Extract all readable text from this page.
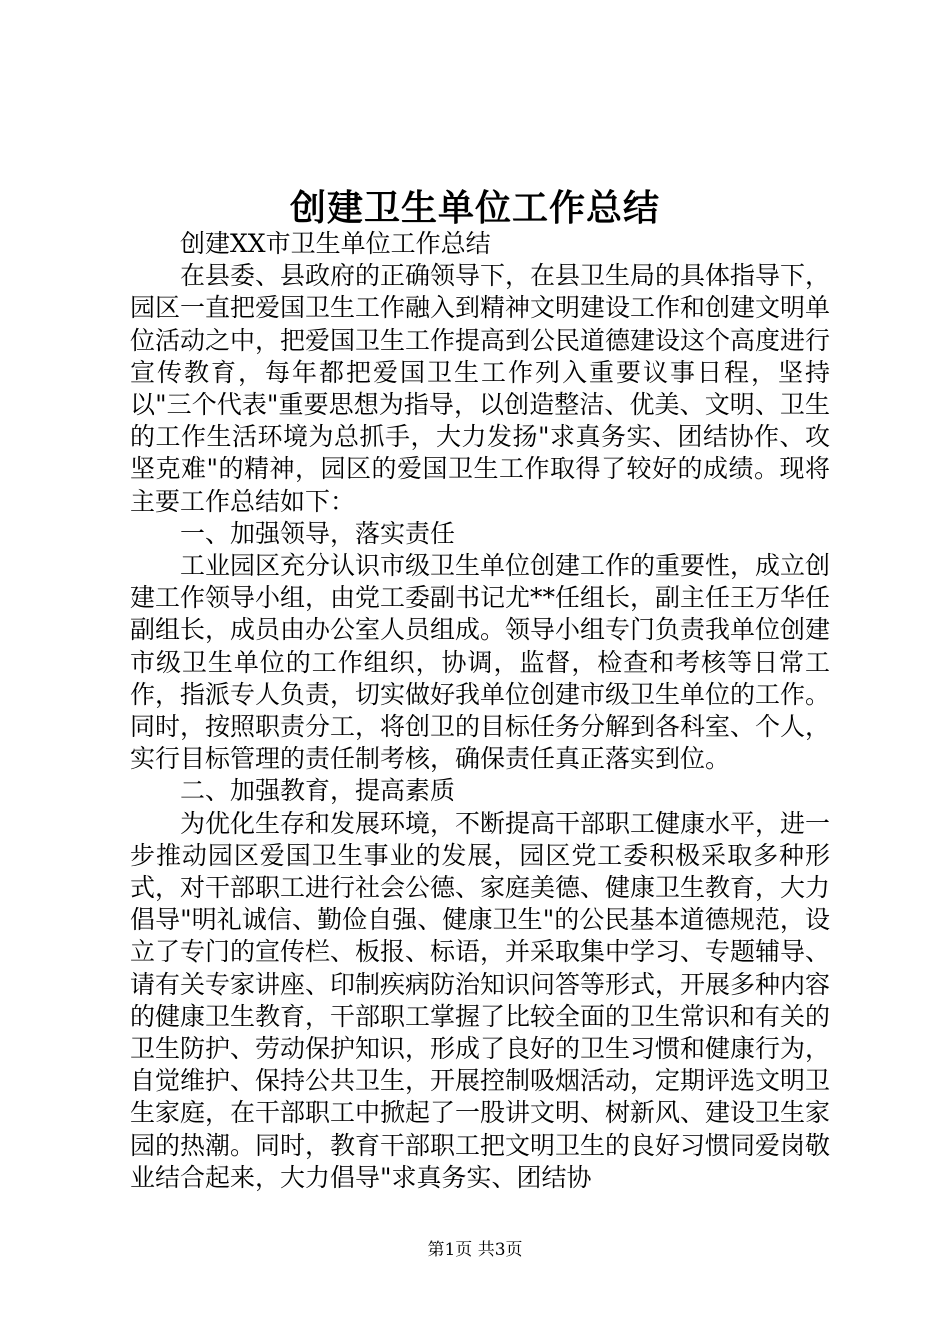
创建卫生单位工作总结

创建XX市卫生单位工作总结

在县委、县政府的正确领导下，在县卫生局的具体指导下，园区一直把爱国卫生工作融入到精神文明建设工作和创建文明单位活动之中，把爱国卫生工作提高到公民道德建设这个高度进行宣传教育，每年都把爱国卫生工作列入重要议事日程，坚持以"三个代表"重要思想为指导，以创造整洁、优美、文明、卫生的工作生活环境为总抓手，大力发扬"求真务实、团结协作、攻坚克难"的精神，园区的爱国卫生工作取得了较好的成绩。现将主要工作总结如下：

一、加强领导，落实责任

工业园区充分认识市级卫生单位创建工作的重要性，成立创建工作领导小组，由党工委副书记尤**任组长，副主任王万华任副组长，成员由办公室人员组成。领导小组专门负责我单位创建市级卫生单位的工作组织，协调，监督，检查和考核等日常工作，指派专人负责，切实做好我单位创建市级卫生单位的工作。同时，按照职责分工，将创卫的目标任务分解到各科室、个人，实行目标管理的责任制考核，确保责任真正落实到位。

二、加强教育，提高素质

为优化生存和发展环境，不断提高干部职工健康水平，进一步推动园区爱国卫生事业的发展，园区党工委积极采取多种形式，对干部职工进行社会公德、家庭美德、健康卫生教育，大力倡导"明礼诚信、勤俭自强、健康卫生"的公民基本道德规范，设立了专门的宣传栏、板报、标语，并采取集中学习、专题辅导、请有关专家讲座、印制疾病防治知识问答等形式，开展多种内容的健康卫生教育，干部职工掌握了比较全面的卫生常识和有关的卫生防护、劳动保护知识，形成了良好的卫生习惯和健康行为，自觉维护、保持公共卫生，开展控制吸烟活动，定期评选文明卫生家庭，在干部职工中掀起了一股讲文明、树新风、建设卫生家园的热潮。同时，教育干部职工把文明卫生的良好习惯同爱岗敬业结合起来，大力倡导"求真务实、团结协

第1页 共3页
